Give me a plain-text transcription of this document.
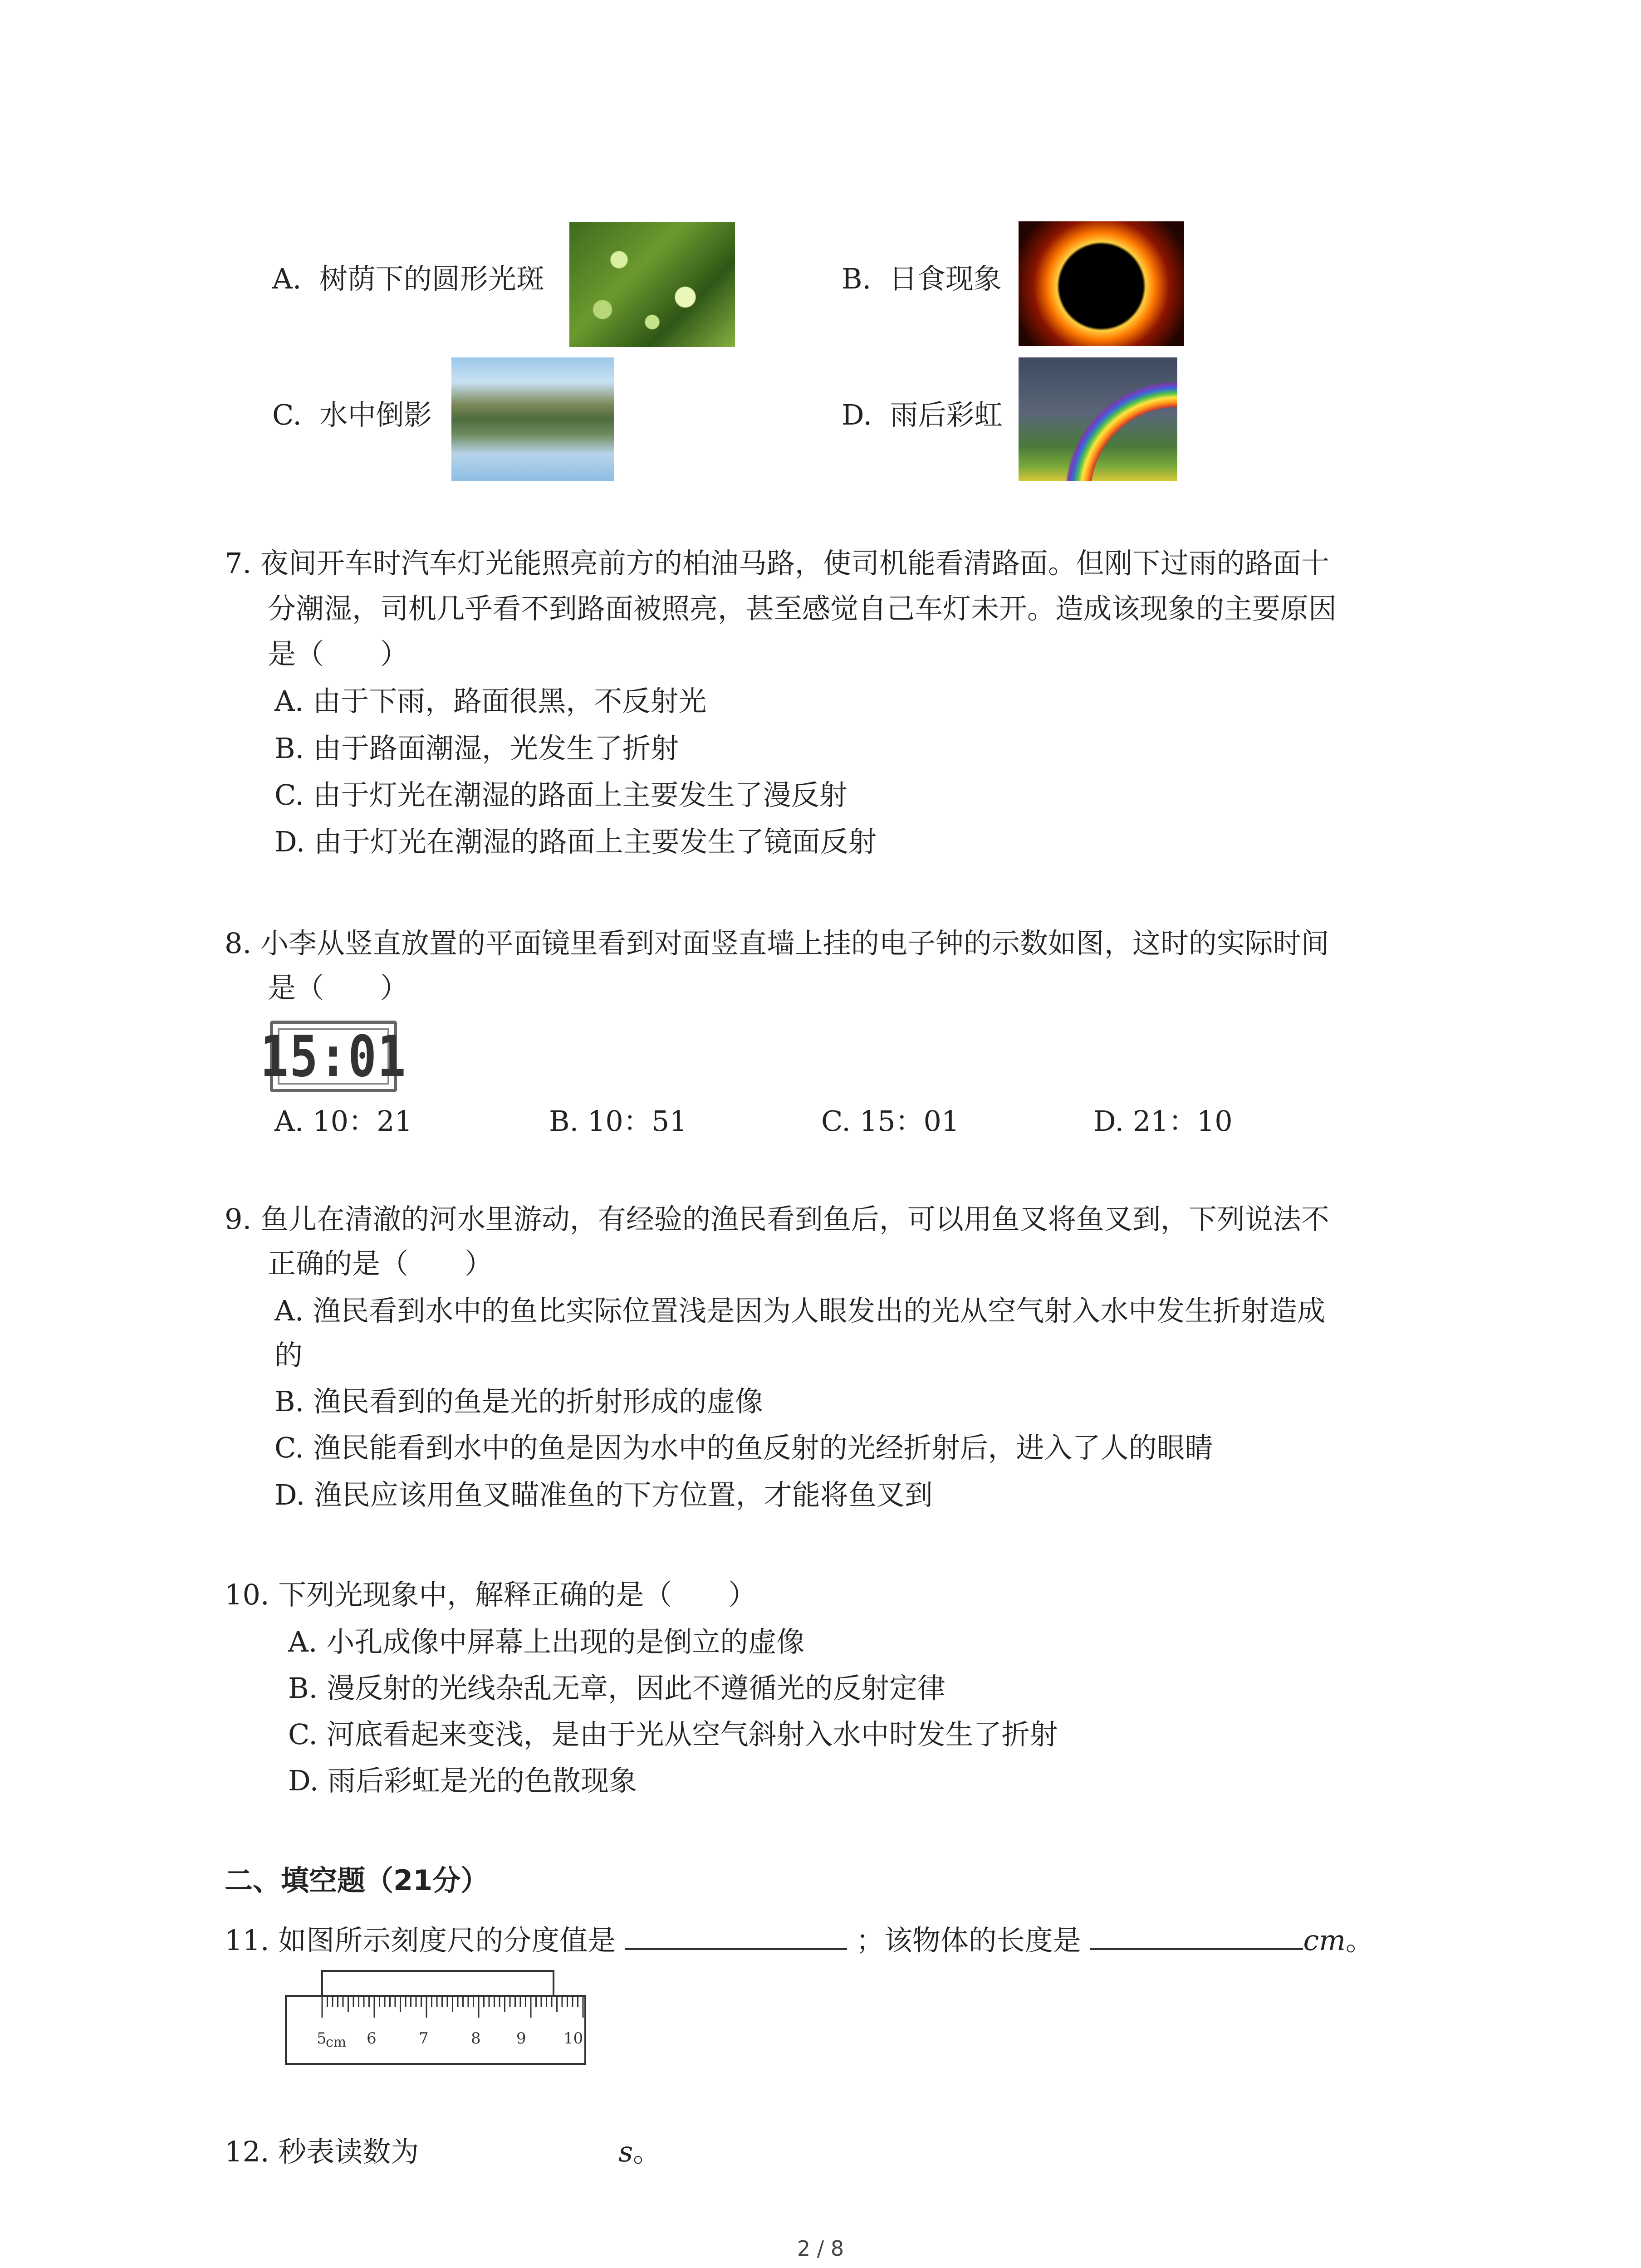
A. 树荫下的圆形光斑	B. 日食现象
C. 水中倒影	D. 雨后彩虹
7. 夜间开车时汽车灯光能照亮前方的柏油马路，使司机能看清路面。但刚下过雨的路面十
分潮湿，司机几乎看不到路面被照亮，甚至感觉自己车灯未开。造成该现象的主要原因
是（　　）
A. 由于下雨，路面很黑，不反射光
B. 由于路面潮湿，光发生了折射
C. 由于灯光在潮湿的路面上主要发生了漫反射
D. 由于灯光在潮湿的路面上主要发生了镜面反射
8. 小李从竖直放置的平面镜里看到对面竖直墙上挂的电子钟的示数如图，这时的实际时间
是（　　）
15:01
A. 10：21	B. 10：51	C. 15：01	D. 21：10
9. 鱼儿在清澈的河水里游动，有经验的渔民看到鱼后，可以用鱼叉将鱼叉到，下列说法不
正确的是（　　）
A. 渔民看到水中的鱼比实际位置浅是因为人眼发出的光从空气射入水中发生折射造成
的
B. 渔民看到的鱼是光的折射形成的虚像
C. 渔民能看到水中的鱼是因为水中的鱼反射的光经折射后，进入了人的眼睛
D. 渔民应该用鱼叉瞄准鱼的下方位置，才能将鱼叉到
10. 下列光现象中，解释正确的是（　　）
A. 小孔成像中屏幕上出现的是倒立的虚像
B. 漫反射的光线杂乱无章，因此不遵循光的反射定律
C. 河底看起来变浅，是由于光从空气斜射入水中时发生了折射
D. 雨后彩虹是光的色散现象
二、填空题（21分）
11. 如图所示刻度尺的分度值是	；该物体的长度是	cm。
5
cm 6	7	8 9 10
12. 秒表读数为	s。
2 / 8
